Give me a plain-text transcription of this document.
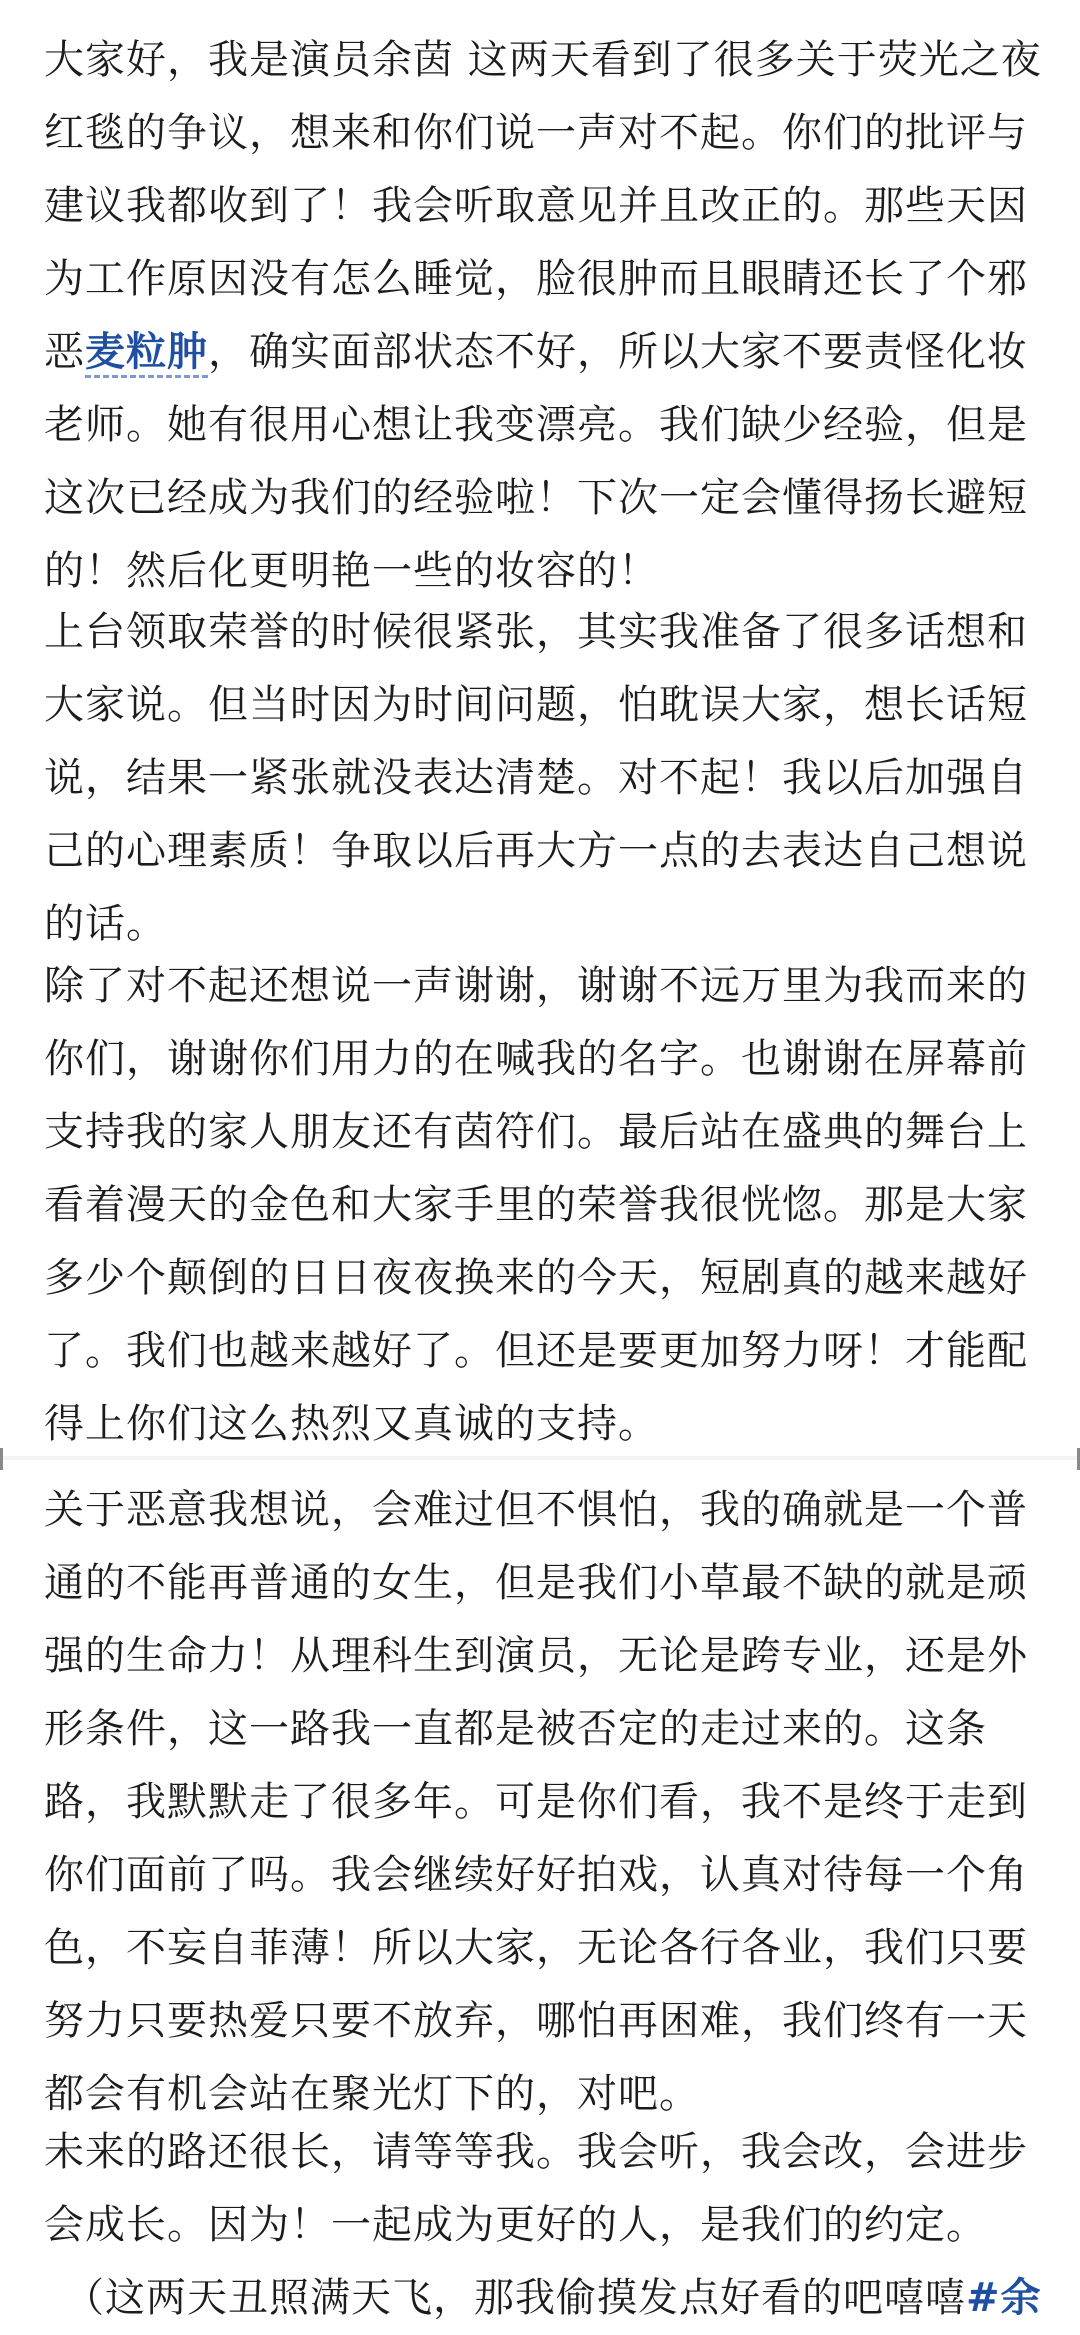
大家好，我是演员余茵 这两天看到了很多关于荧光之夜
红毯的争议，想来和你们说一声对不起。你们的批评与
建议我都收到了！我会听取意见并且改正的。那些天因
为工作原因没有怎么睡觉，脸很肿而且眼睛还长了个邪
恶麦粒肿，确实面部状态不好，所以大家不要责怪化妆
老师。她有很用心想让我变漂亮。我们缺少经验，但是
这次已经成为我们的经验啦！下次一定会懂得扬长避短
的！然后化更明艳一些的妆容的！

上台领取荣誉的时候很紧张，其实我准备了很多话想和
大家说。但当时因为时间问题，怕耽误大家，想长话短
说，结果一紧张就没表达清楚。对不起！我以后加强自
己的心理素质！争取以后再大方一点的去表达自己想说
的话。

除了对不起还想说一声谢谢，谢谢不远万里为我而来的
你们，谢谢你们用力的在喊我的名字。也谢谢在屏幕前
支持我的家人朋友还有茵符们。最后站在盛典的舞台上
看着漫天的金色和大家手里的荣誉我很恍惚。那是大家
多少个颠倒的日日夜夜换来的今天，短剧真的越来越好
了。我们也越来越好了。但还是要更加努力呀！才能配
得上你们这么热烈又真诚的支持。

关于恶意我想说，会难过但不惧怕，我的确就是一个普
通的不能再普通的女生，但是我们小草最不缺的就是顽
强的生命力！从理科生到演员，无论是跨专业，还是外
形条件，这一路我一直都是被否定的走过来的。这条
路，我默默走了很多年。可是你们看，我不是终于走到
你们面前了吗。我会继续好好拍戏，认真对待每一个角
色，不妄自菲薄！所以大家，无论各行各业，我们只要
努力只要热爱只要不放弃，哪怕再困难，我们终有一天
都会有机会站在聚光灯下的，对吧。

未来的路还很长，请等等我。我会听，我会改，会进步
会成长。因为！一起成为更好的人，是我们的约定。

（这两天丑照满天飞，那我偷摸发点好看的吧嘻嘻#余
